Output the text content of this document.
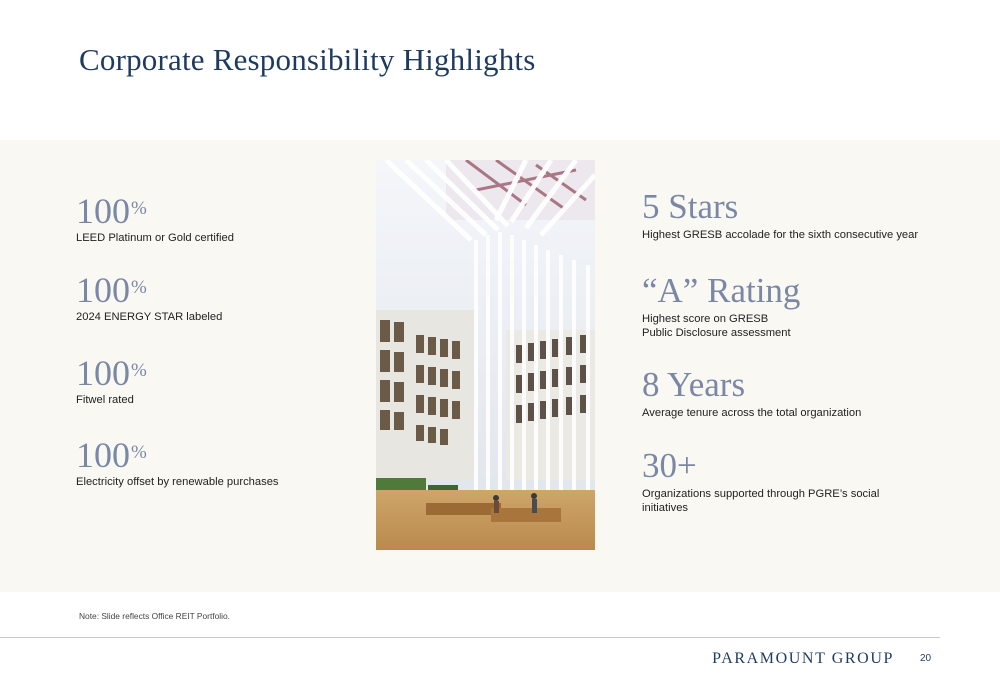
Corporate Responsibility Highlights
100%
LEED Platinum or Gold certified
100%
2024 ENERGY STAR labeled
100%
Fitwel rated
100%
Electricity offset by renewable purchases
5 Stars
Highest GRESB accolade for the sixth consecutive year
“A” Rating
Highest score on GRESB
Public Disclosure assessment
8 Years
Average tenure across the total organization
30+
Organizations supported through PGRE’s social
initiatives
Note: Slide reflects Office REIT Portfolio.
PARAMOUNT GROUP	20
